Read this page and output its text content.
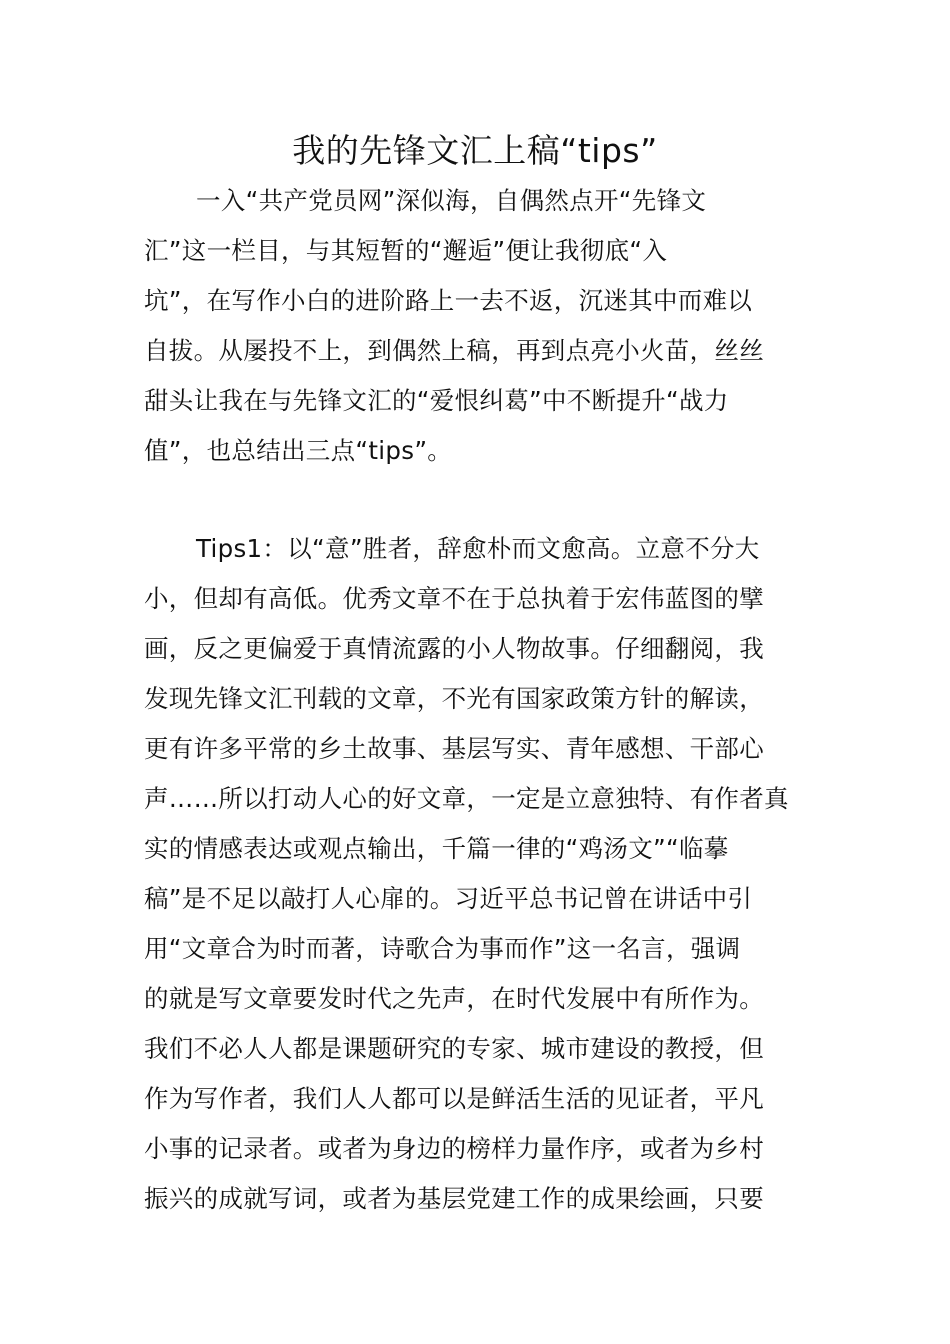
我的先锋文汇上稿“tips”
一入“共产党员网”深似海，自偶然点开“先锋文
汇”这一栏目，与其短暂的“邂逅”便让我彻底“入
坑”，在写作小白的进阶路上一去不返，沉迷其中而难以
自拔。从屡投不上，到偶然上稿，再到点亮小火苗，丝丝
甜头让我在与先锋文汇的“爱恨纠葛”中不断提升“战力
值”，也总结出三点“tips”。
Tips1：以“意”胜者，辞愈朴而文愈高。立意不分大
小，但却有高低。优秀文章不在于总执着于宏伟蓝图的擘
画，反之更偏爱于真情流露的小人物故事。仔细翻阅，我
发现先锋文汇刊载的文章，不光有国家政策方针的解读，
更有许多平常的乡土故事、基层写实、青年感想、干部心
声……所以打动人心的好文章，一定是立意独特、有作者真
实的情感表达或观点输出，千篇一律的“鸡汤文”“临摹
稿”是不足以敲打人心扉的。习近平总书记曾在讲话中引
用“文章合为时而著，诗歌合为事而作”这一名言，强调
的就是写文章要发时代之先声，在时代发展中有所作为。
我们不必人人都是课题研究的专家、城市建设的教授，但
作为写作者，我们人人都可以是鲜活生活的见证者，平凡
小事的记录者。或者为身边的榜样力量作序，或者为乡村
振兴的成就写词，或者为基层党建工作的成果绘画，只要
